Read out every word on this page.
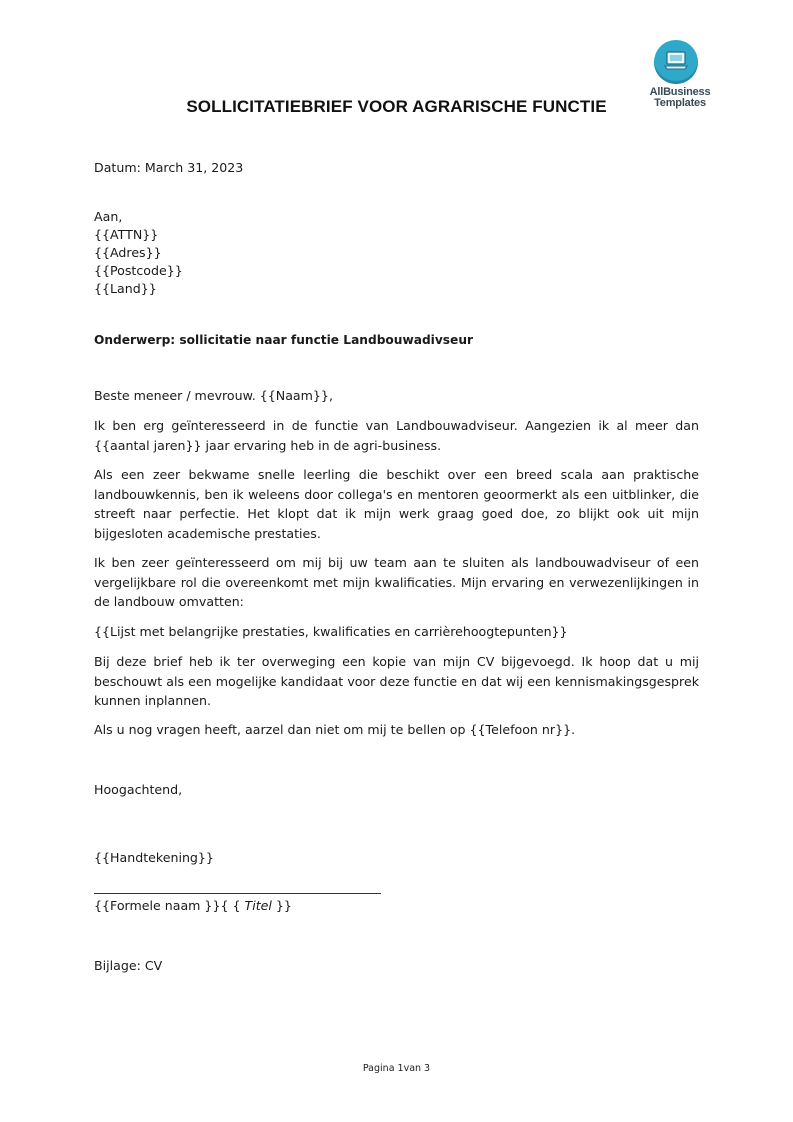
AllBusiness
Templates
SOLLICITATIEBRIEF VOOR AGRARISCHE FUNCTIE
Datum: March 31, 2023
Aan,
{{ATTN}}
{{Adres}}
{{Postcode}}
{{Land}}
Onderwerp: sollicitatie naar functie Landbouwadivseur
Beste meneer / mevrouw. {{Naam}},
Ik ben erg geïnteresseerd in de functie van Landbouwadviseur. Aangezien ik al meer dan {{aantal jaren}} jaar ervaring heb in de agri-business.
Als een zeer bekwame snelle leerling die beschikt over een breed scala aan praktische landbouwkennis, ben ik weleens door collega's en mentoren geoormerkt als een uitblinker, die streeft naar perfectie. Het klopt dat ik mijn werk graag goed doe, zo blijkt ook uit mijn bijgesloten academische prestaties.
Ik ben zeer geïnteresseerd om mij bij uw team aan te sluiten als landbouwadviseur of een vergelijkbare rol die overeenkomt met mijn kwalificaties. Mijn ervaring en verwezenlijkingen in de landbouw omvatten:
{{Lijst met belangrijke prestaties, kwalificaties en carrièrehoogtepunten}}
Bij deze brief heb ik ter overweging een kopie van mijn CV bijgevoegd. Ik hoop dat u mij beschouwt als een mogelijke kandidaat voor deze functie en dat wij een kennismakingsgesprek kunnen inplannen.
Als u nog vragen heeft, aarzel dan niet om mij te bellen op {{Telefoon nr}}.
Hoogachtend,
{{Handtekening}}
{{Formele naam }}{ { Titel }}
Bijlage: CV
Pagina 1van 3
